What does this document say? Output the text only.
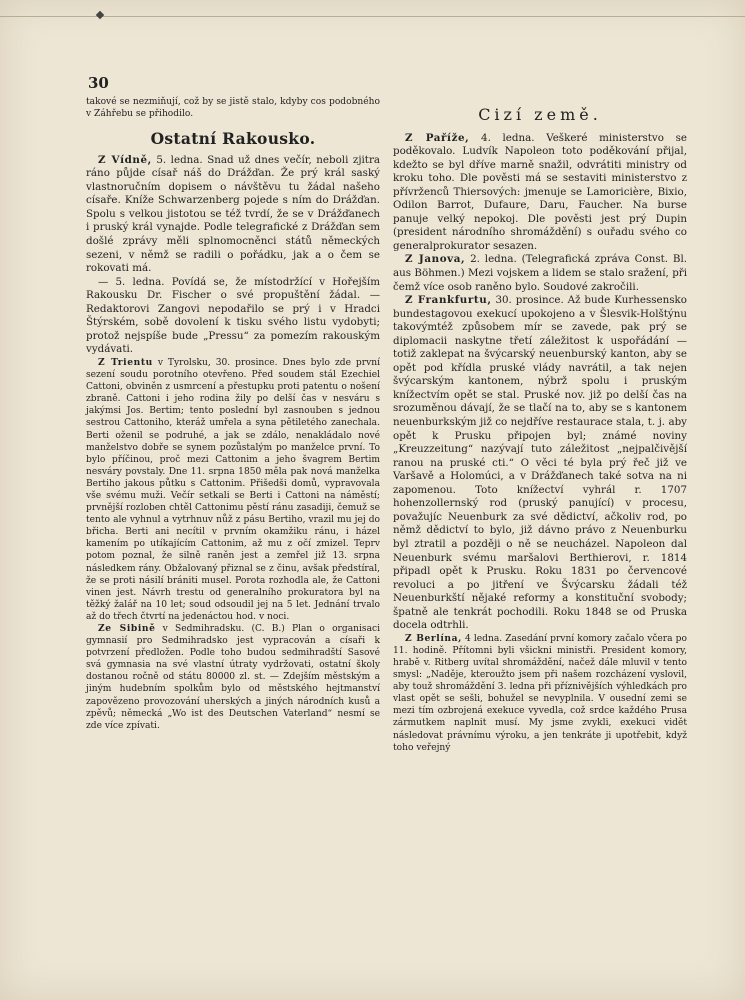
30

takové se nezmiňují, což by se jistě stalo, kdyby cos podobného v Záhřebu se přihodilo.

Ostatní Rakousko.

Z Vídně, 5. ledna. Snad už dnes večír, neboli zjitra ráno půjde císař náš do Drážďan. Že prý král saský vlastnoručním dopisem o návštěvu tu žádal našeho císaře. Kníže Schwarzenberg pojede s ním do Drážďan. Spolu s velkou jistotou se též tvrdí, že se v Drážďanech i pruský král vynajde. Podle telegrafické z Drážďan sem došlé zprávy měli splnomocněnci států německých sezeni, v němž se radili o pořádku, jak a o čem se rokovati má.

— 5. ledna. Povídá se, že místodržící v Hořejším Rakousku Dr. Fischer o své propuštění žádal. — Redaktorovi Zangovi nepodařilo se prý i v Hradci Štýrském, sobě dovolení k tisku svého listu vydobyti; protož nejspíše bude „Pressu“ za pomezím rakouským vydávati.

Z Trientu v Tyrolsku, 30. prosince. Dnes bylo zde první sezení soudu porotního otevřeno. Před soudem stál Ezechiel Cattoni, obviněn z usmrcení a přestupku proti patentu o nošení zbraně. Cattoni i jeho rodina žily po delší čas v nesváru s jakýmsi Jos. Bertim; tento poslední byl zasnouben s jednou sestrou Cattoniho, kteráž umřela a syna pětiletého zanechala. Berti oženil se podruhé, a jak se zdálo, nenakládalo nové manželstvo dobře se synem pozůstalým po manželce první. To bylo příčinou, proč mezi Cattonim a jeho švagrem Bertim nesváry povstaly. Dne 11. srpna 1850 měla pak nová manželka Bertiho jakous půtku s Cattonim. Přišedši domů, vypravovala vše svému muži. Večír setkali se Berti i Cattoni na náměstí; prvnější rozloben chtěl Cattonimu pěstí ránu zasadiji, čemuž se tento ale vyhnul a vytrhnuv nůž z pásu Bertiho, vrazil mu jej do břicha. Berti ani necítil v prvním okamžiku ránu, i házel kamením po utíkajícím Cattonim, až mu z očí zmizel. Teprv potom poznal, že silně raněn jest a zemřel již 13. srpna následkem rány. Obžalovaný přiznal se z činu, avšak předstíral, že se proti násilí brániti musel. Porota rozhodla ale, že Cattoni vinen jest. Návrh trestu od generalního prokuratora byl na těžký žalář na 10 let; soud odsoudil jej na 5 let. Jednání trvalo až do třech čtvrtí na jedenáctou hod. v noci.

Ze Sibině v Sedmihradsku. (C. B.) Plan o organisaci gymnasií pro Sedmihradsko jest vypracován a císaři k potvrzení předložen. Podle toho budou sedmihradští Sasové svá gymnasia na své vlastní útraty vydržovati, ostatní školy dostanou ročně od státu 80000 zl. st. — Zdejším městským a jiným hudebním spolkům bylo od městského hejtmanství zapovězeno provozování uherských a jiných národních kusů a zpěvů; německá „Wo ist des Deutschen Vaterland“ nesmí se zde více zpívati.

Cizí země.

Z Paříže, 4. ledna. Veškeré ministerstvo se poděkovalo. Ludvík Napoleon toto poděkování přijal, kdežto se byl dříve marně snažil, odvrátiti ministry od kroku toho. Dle pověsti má se sestaviti ministerstvo z přívrženců Thiersových: jmenuje se Lamoricière, Bixio, Odilon Barrot, Dufaure, Daru, Faucher. Na burse panuje velký nepokoj. Dle pověsti jest prý Dupin (president národního shromáždění) s ouřadu svého co generalprokurator sesazen.

Z Janova, 2. ledna. (Telegrafická zpráva Const. Bl. aus Böhmen.) Mezi vojskem a lidem se stalo sražení, při čemž více osob raněno bylo. Soudové zakročili.

Z Frankfurtu, 30. prosince. Až bude Kurhessensko bundestagovou exekucí upokojeno a v Šlesvik-Holštýnu takovýmtéž způsobem mír se zavede, pak prý se diplomacii naskytne třetí záležitost k uspořádání — totiž zaklepat na švýcarský neuenburský kanton, aby se opět pod křídla pruské vlády navrátil, a tak nejen švýcarským kantonem, nýbrž spolu i pruským knížectvím opět se stal. Pruské nov. již po delší čas na srozuměnou dávají, že se tlačí na to, aby se s kantonem neuenburkským již co nejdříve restaurace stala, t. j. aby opět k Prusku připojen byl; známé noviny „Kreuzzeitung“ nazývají tuto záležitost „nejpalčivější ranou na pruské cti.“ O věci té byla prý řeč již ve Varšavě a Holomúci, a v Drážďanech také sotva na ni zapomenou. Toto knížectví vyhrál r. 1707 hohenzollernský rod (pruský panující) v procesu, považujíc Neuenburk za své dědictví, ačkoliv rod, po němž dědictví to bylo, již dávno právo z Neuenburku byl ztratil a později o ně se neucházel. Napoleon dal Neuenburk svému maršalovi Berthierovi, r. 1814 připadl opět k Prusku. Roku 1831 po červencové revoluci a po jitření ve Švýcarsku žádali též Neuenburkští nějaké reformy a konstituční svobody; špatně ale tenkrát pochodili. Roku 1848 se od Pruska docela odtrhli.

Z Berlína, 4 ledna. Zasedání první komory začalo včera po 11. hodině. Přítomni byli všickni ministři. President komory, hrabě v. Ritberg uvítal shromáždění, načež dále mluvil v tento smysl: „Naděje, kteroužto jsem při našem rozcházení vyslovil, aby touž shromáždění 3. ledna při příznivějších výhledkách pro vlast opět se sešli, bohužel se nevyplnila. V ousední zemi se mezi tím ozbrojená exekuce vyvedla, což srdce každého Prusa zármutkem naplnit musí. My jsme zvykli, exekuci vidět následovat právnímu výroku, a jen tenkráte ji upotřebit, když toho veřejný
